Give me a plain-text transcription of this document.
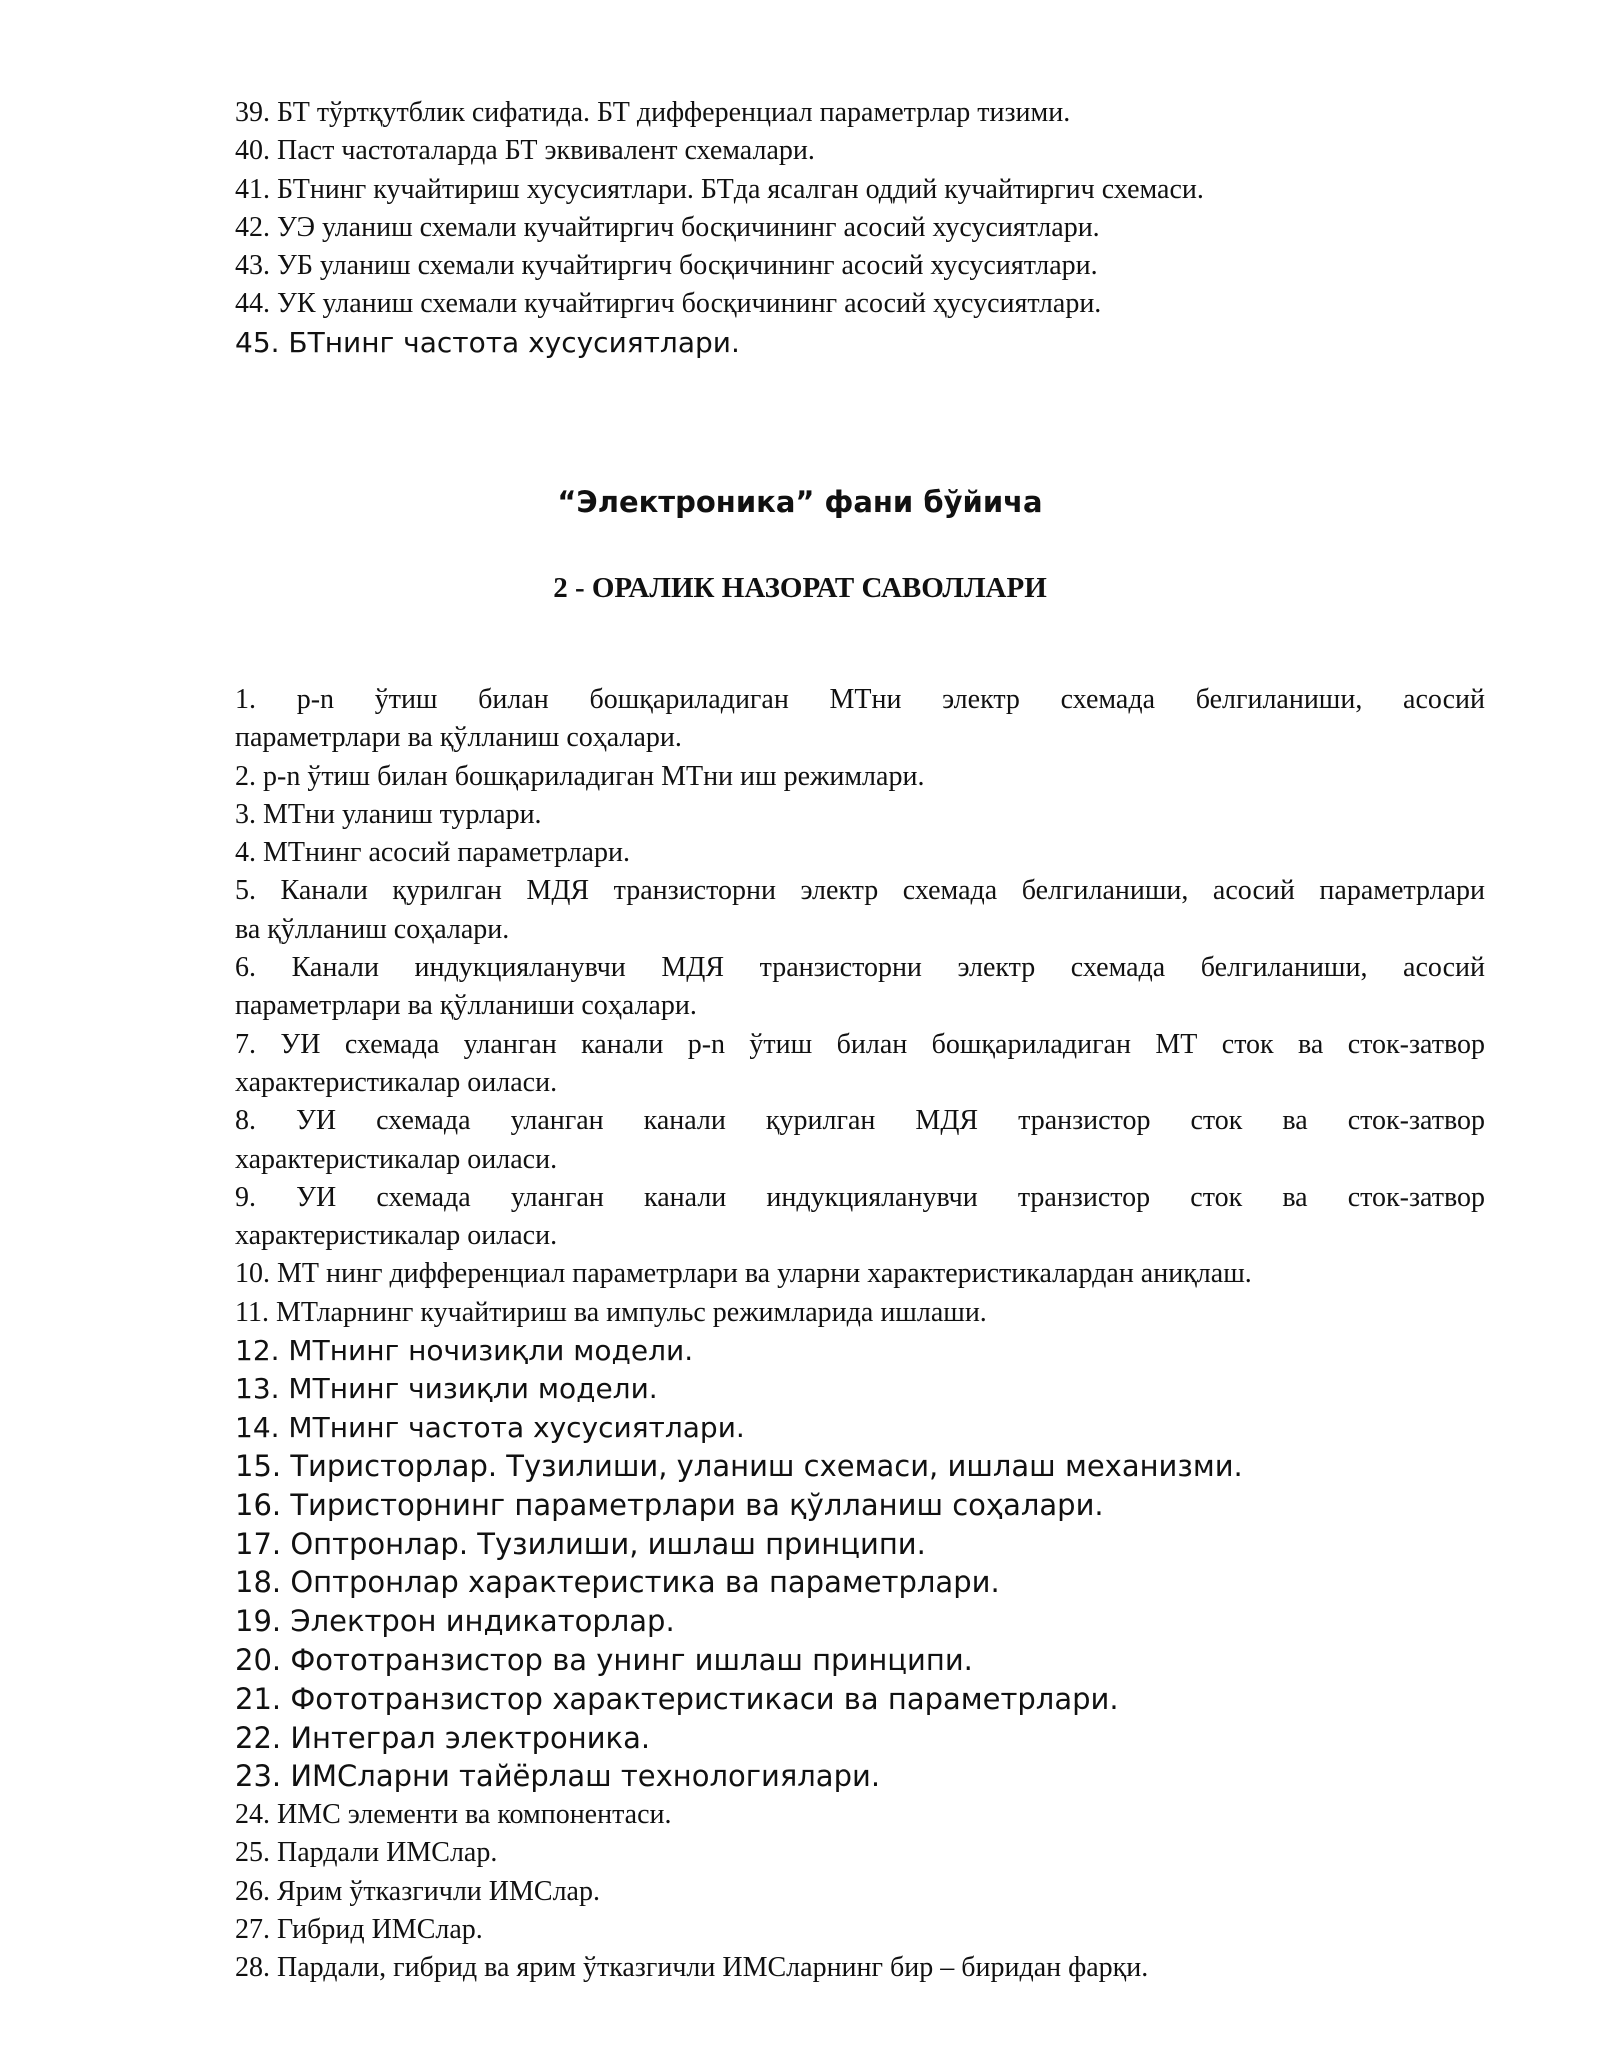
39. БТ тўртқутблик сифатида. БТ дифференциал параметрлар тизими.
40. Паст частоталарда БТ эквивалент схемалари.
41. БТнинг кучайтириш хусусиятлари. БТда ясалган оддий кучайтиргич схемаси.
42. УЭ уланиш схемали кучайтиргич босқичининг асосий хусусиятлари.
43. УБ уланиш схемали кучайтиргич босқичининг асосий хусусиятлари.
44. УК уланиш схемали кучайтиргич босқичининг асосий ҳусусиятлари.
45. БТнинг частота хусусиятлари.
“Электроника” фани бўйича
2 - ОРАЛИК НАЗОРАТ САВОЛЛАРИ
1. p-n ўтиш билан бошқариладиган МТни электр схемада белгиланиши, асосий
параметрлари ва қўлланиш соҳалари.
2. p-n ўтиш билан бошқариладиган МТни иш режимлари.
3. МТни уланиш турлари.
4. МТнинг асосий параметрлари.
5. Канали қурилган МДЯ транзисторни электр схемада белгиланиши, асосий параметрлари
ва қўлланиш соҳалари.
6. Канали индукцияланувчи МДЯ транзисторни электр схемада белгиланиши, асосий
параметрлари ва қўлланиши соҳалари.
7. УИ схемада уланган канали p-n ўтиш билан бошқариладиган МТ сток ва сток-затвор
характеристикалар оиласи.
8. УИ схемада уланган канали қурилган МДЯ транзистор сток ва сток-затвор
характеристикалар оиласи.
9. УИ схемада уланган канали индукцияланувчи транзистор сток ва сток-затвор
характеристикалар оиласи.
10. МТ нинг дифференциал параметрлари ва уларни характеристикалардан аниқлаш.
11. МТларнинг кучайтириш ва импульс режимларида ишлаши.
12. МТнинг ночизиқли модели.
13. МТнинг чизиқли модели.
14. МТнинг частота хусусиятлари.
15. Тиристорлар. Тузилиши, уланиш схемаси, ишлаш механизми.
16. Тиристорнинг параметрлари ва қўлланиш соҳалари.
17. Оптронлар. Тузилиши, ишлаш принципи.
18. Оптронлар характеристика ва параметрлари.
19. Электрон индикаторлар.
20. Фототранзистор ва унинг ишлаш принципи.
21. Фототранзистор характеристикаси ва параметрлари.
22. Интеграл электроника.
23. ИМСларни тайёрлаш технологиялари.
24. ИМС элементи ва компонентаси.
25. Пардали ИМСлар.
26. Ярим ўтказгичли ИМСлар.
27. Гибрид ИМСлар.
28. Пардали, гибрид ва ярим ўтказгичли ИМСларнинг бир – биридан фарқи.
